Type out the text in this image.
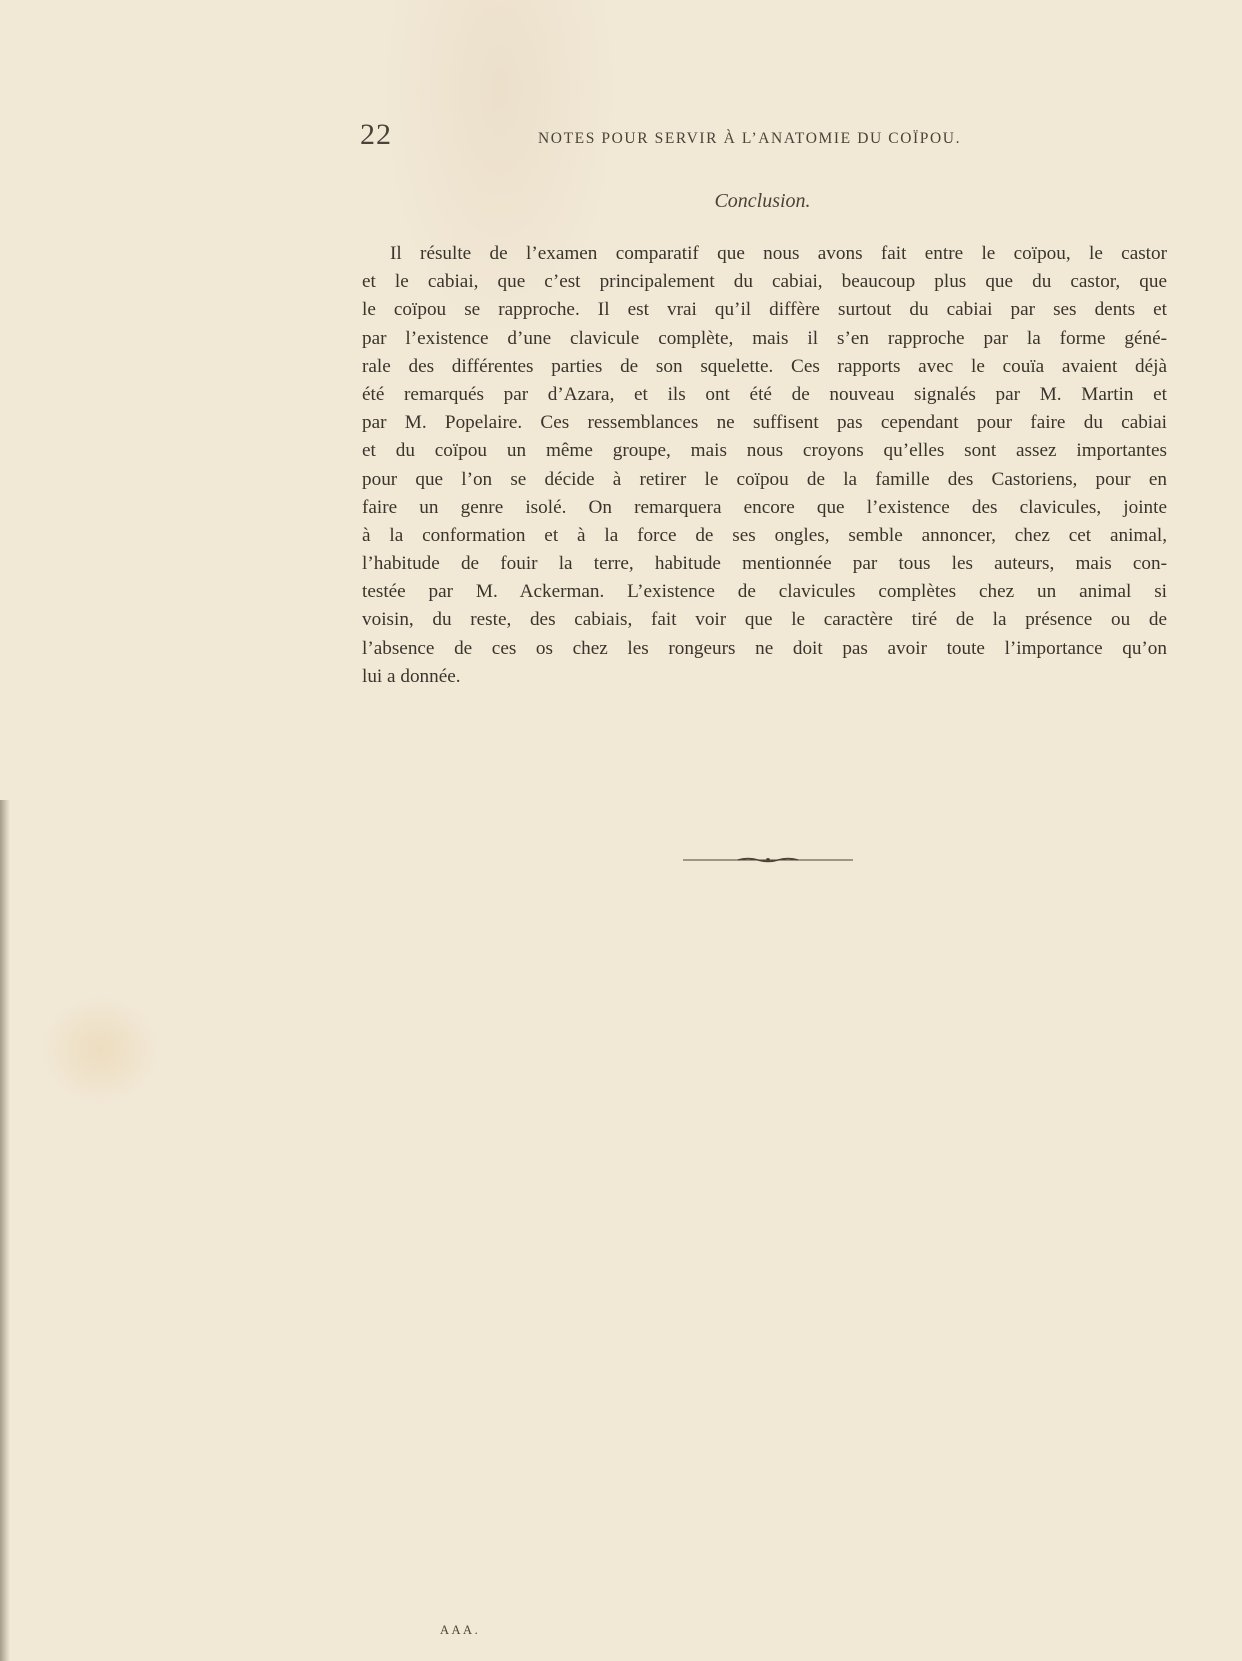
22	NOTES POUR SERVIR À L’ANATOMIE DU COÏPOU.
Conclusion.
Il résulte de l’examen comparatif que nous avons fait entre le coïpou, le castor
et le cabiai, que c’est principalement du cabiai, beaucoup plus que du castor, que
le coïpou se rapproche. Il est vrai qu’il diffère surtout du cabiai par ses dents et
par l’existence d’une clavicule complète, mais il s’en rapproche par la forme géné-
rale des différentes parties de son squelette. Ces rapports avec le couïa avaient déjà
été remarqués par d’Azara, et ils ont été de nouveau signalés par M. Martin et
par M. Popelaire. Ces ressemblances ne suffisent pas cependant pour faire du cabiai
et du coïpou un même groupe, mais nous croyons qu’elles sont assez importantes
pour que l’on se décide à retirer le coïpou de la famille des Castoriens, pour en
faire un genre isolé. On remarquera encore que l’existence des clavicules, jointe
à la conformation et à la force de ses ongles, semble annoncer, chez cet animal,
l’habitude de fouir la terre, habitude mentionnée par tous les auteurs, mais con-
testée par M. Ackerman. L’existence de clavicules complètes chez un animal si
voisin, du reste, des cabiais, fait voir que le caractère tiré de la présence ou de
l’absence de ces os chez les rongeurs ne doit pas avoir toute l’importance qu’on
lui a donnée.
AAA.
